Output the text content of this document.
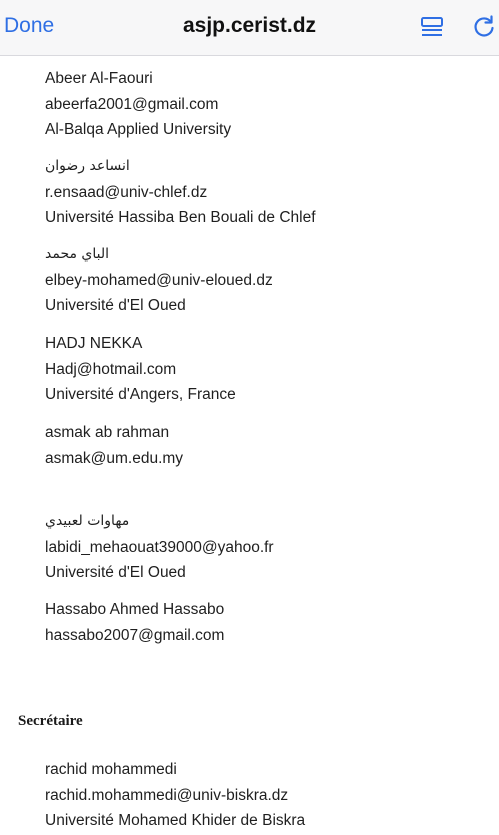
Done	asjp.cerist.dz
Abeer Al-Faouri
abeerfa2001@gmail.com
Al-Balqa Applied University
انساعد رضوان
r.ensaad@univ-chlef.dz
Université Hassiba Ben Bouali de Chlef
الباي محمد
elbey-mohamed@univ-eloued.dz
Université d'El Oued
HADJ NEKKA
Hadj@hotmail.com
Université d'Angers, France
asmak ab rahman
asmak@um.edu.my
مهاوات لعبيدي
labidi_mehaouat39000@yahoo.fr
Université d'El Oued
Hassabo Ahmed Hassabo
hassabo2007@gmail.com
Secrétaire
rachid mohammedi
rachid.mohammedi@univ-biskra.dz
Université Mohamed Khider de Biskra
